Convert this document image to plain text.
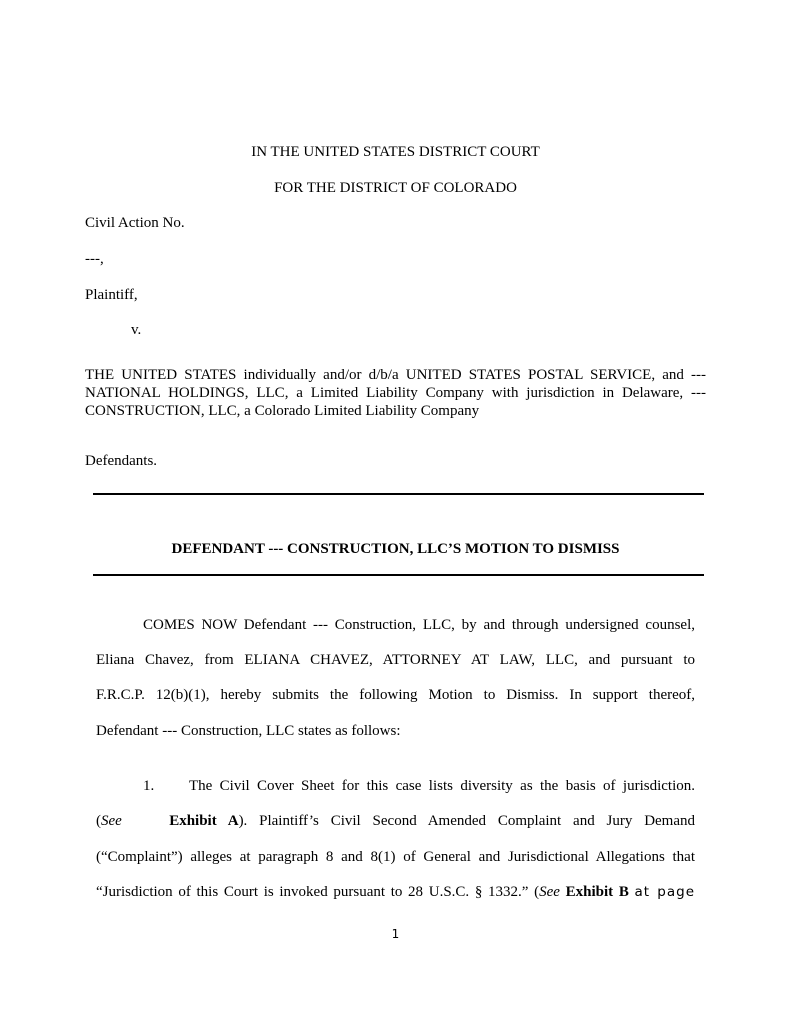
IN THE UNITED STATES DISTRICT COURT
FOR THE DISTRICT OF COLORADO
Civil Action No.
---,
Plaintiff,
v.
THE UNITED STATES individually and/or d/b/a UNITED STATES POSTAL SERVICE, and ---
NATIONAL HOLDINGS, LLC, a Limited Liability Company with jurisdiction in Delaware, ---
CONSTRUCTION, LLC, a Colorado Limited Liability Company
Defendants.
DEFENDANT --- CONSTRUCTION, LLC’S MOTION TO DISMISS
COMES NOW Defendant --- Construction, LLC, by and through undersigned counsel,
Eliana Chavez, from ELIANA CHAVEZ, ATTORNEY AT LAW, LLC, and pursuant to
F.R.C.P. 12(b)(1), hereby submits the following Motion to Dismiss. In support thereof,
Defendant --- Construction, LLC states as follows:
1. The Civil Cover Sheet for this case lists diversity as the basis of jurisdiction.
(See	Exhibit A). Plaintiff’s Civil Second Amended Complaint and Jury Demand
(“Complaint”) alleges at paragraph 8 and 8(1) of General and Jurisdictional Allegations that
“Jurisdiction of this Court is invoked pursuant to 28 U.S.C. § 1332.” (See Exhibit B at page
1
